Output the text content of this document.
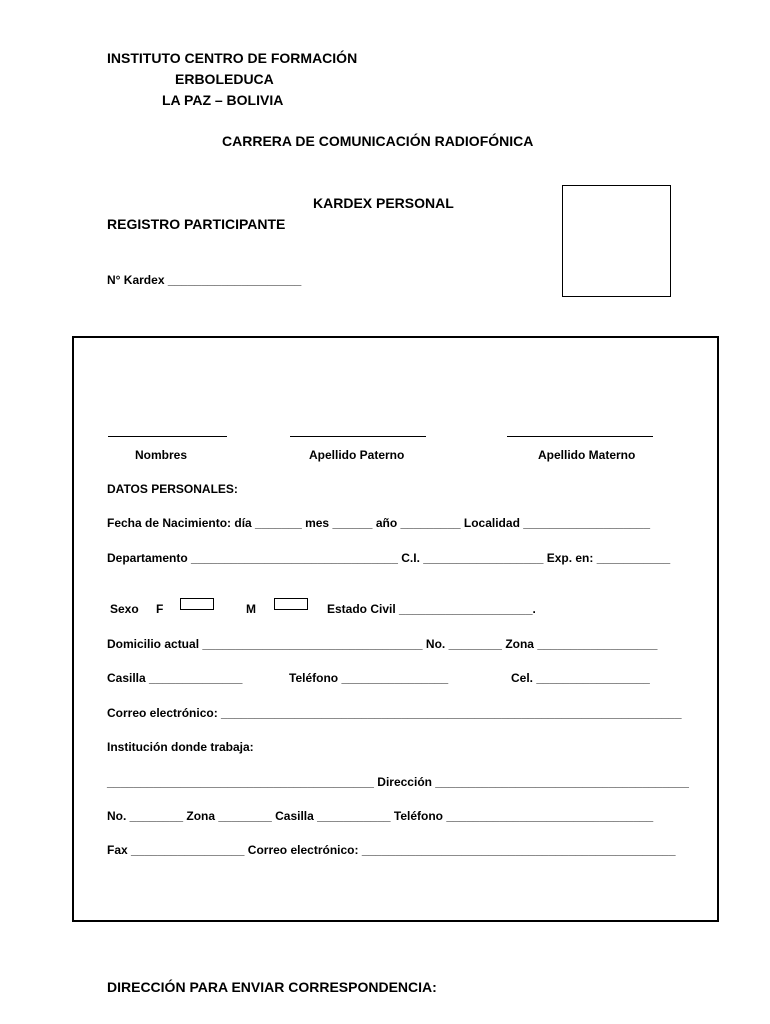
INSTITUTO CENTRO DE FORMACIÓN
ERBOLEDUCA
LA PAZ – BOLIVIA
CARRERA DE COMUNICACIÓN RADIOFÓNICA
KARDEX PERSONAL
REGISTRO PARTICIPANTE
N° Kardex ____________________
Nombres	Apellido Paterno	Apellido Materno
DATOS PERSONALES:
Fecha de Nacimiento: día _______ mes ______ año _________ Localidad ___________________
Departamento _______________________________ C.I. __________________ Exp. en: ___________
Sexo F	M	Estado Civil ____________________.
Domicilio actual _________________________________ No. ________ Zona __________________
Casilla ______________	Teléfono ________________	Cel. _________________
Correo electrónico: _____________________________________________________________________
Institución donde trabaja:
________________________________________ Dirección ______________________________________
No. ________ Zona ________ Casilla ___________ Teléfono _______________________________
Fax _________________ Correo electrónico: _______________________________________________
DIRECCIÓN PARA ENVIAR CORRESPONDENCIA:
